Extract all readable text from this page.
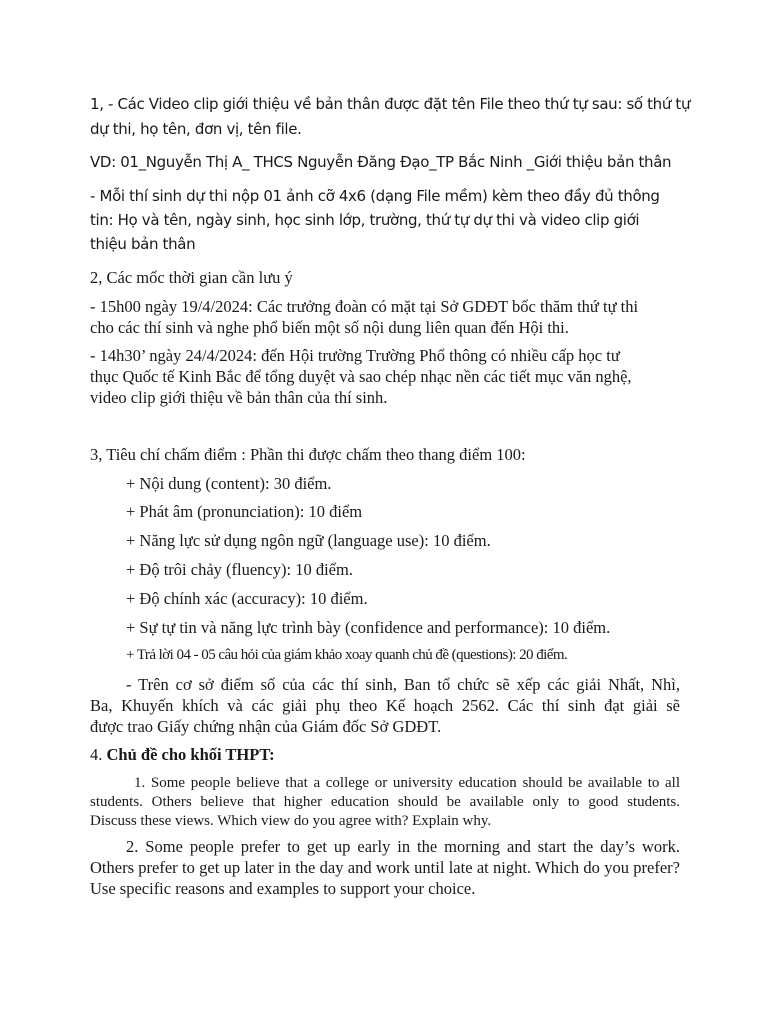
1, - Các Video clip giới thiệu về bản thân được đặt tên File theo thứ tự sau: số thứ tự

dự thi, họ tên, đơn vị, tên file.

VD: 01_Nguyễn Thị A_ THCS Nguyễn Đăng Đạo_TP Bắc Ninh _Giới thiệu bản thân

- Mỗi thí sinh dự thi nộp 01 ảnh cỡ 4x6 (dạng File mềm) kèm theo đầy đủ thông

tin: Họ và tên, ngày sinh, học sinh lớp, trường, thứ tự dự thi và video clip giới

thiệu bản thân

2, Các mốc thời gian cần lưu ý

- 15h00 ngày 19/4/2024: Các trưởng đoàn có mặt tại Sở GDĐT bốc thăm thứ tự thi

cho các thí sinh và nghe phổ biến một số nội dung liên quan đến Hội thi.

- 14h30’ ngày 24/4/2024: đến Hội trường Trường Phổ thông có nhiều cấp học tư

thục Quốc tế Kinh Bắc để tổng duyệt và sao chép nhạc nền các tiết mục văn nghệ,

video clip giới thiệu về bản thân của thí sinh.

3, Tiêu chí chấm điểm : Phần thi được chấm theo thang điểm 100:

+ Nội dung (content): 30 điểm.

+ Phát âm (pronunciation): 10 điểm

+ Năng lực sử dụng ngôn ngữ (language use): 10 điểm.

+ Độ trôi chảy (fluency): 10 điểm.

+ Độ chính xác (accuracy): 10 điểm.

+ Sự tự tin và năng lực trình bày (confidence and performance): 10 điểm.

+ Trả lời 04 - 05 câu hỏi của giám khảo xoay quanh chủ đề (questions): 20 điểm.

- Trên cơ sở điểm số của các thí sinh, Ban tổ chức sẽ xếp các giải Nhất, Nhì,

Ba, Khuyến khích và các giải phụ theo Kế hoạch 2562. Các thí sinh đạt giải sẽ

được trao Giấy chứng nhận của Giám đốc Sở GDĐT.

4. Chủ đề cho khối THPT:

1. Some people believe that a college or university education should be available to all

students. Others believe that higher education should be available only to good students.

Discuss these views. Which view do you agree with? Explain why.

2. Some people prefer to get up early in the morning and start the day’s work.

Others prefer to get up later in the day and work until late at night. Which do you prefer?

Use specific reasons and examples to support your choice.
